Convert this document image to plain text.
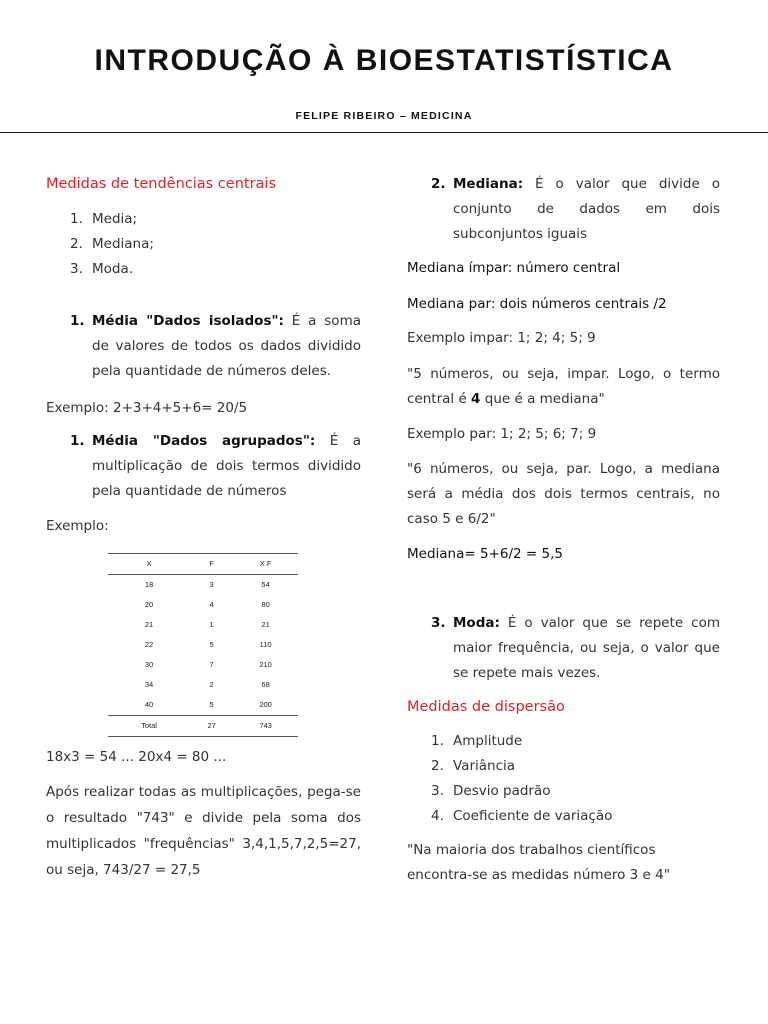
INTRODUÇÃO À BIOESTATISTÍSTICA
FELIPE RIBEIRO – MEDICINA

Medidas de tendências centrais

1. Media;
2. Mediana;
3. Moda.
1. Média "Dados isolados": É a soma de valores de todos os dados dividido pela quantidade de números deles.

Exemplo: 2+3+4+5+6= 20/5

1. Média "Dados agrupados": É a multiplicação de dois termos dividido pela quantidade de números

Exemplo:

X	F	X F
18	3	54
20	4	80
21	1	21
22	5	110
30	7	210
34	2	68
40	5	200
Total	27	743

18x3 = 54 ... 20x4 = 80 ...

Após realizar todas as multiplicações, pega-se o resultado "743" e divide pela soma dos multiplicados "frequências" 3,4,1,5,7,2,5=27, ou seja, 743/27 = 27,5

2. Mediana: É o valor que divide o conjunto de dados em dois subconjuntos iguais

Mediana ímpar: número central

Mediana par: dois números centrais /2

Exemplo impar: 1; 2; 4; 5; 9

"5 números, ou seja, impar. Logo, o termo central é 4 que é a mediana"

Exemplo par: 1; 2; 5; 6; 7; 9

"6 números, ou seja, par. Logo, a mediana será a média dos dois termos centrais, no caso 5 e 6/2"

Mediana= 5+6/2 = 5,5

3. Moda: É o valor que se repete com maior frequência, ou seja, o valor que se repete mais vezes.

Medidas de dispersão

1. Amplitude
2. Variância
3. Desvio padrão
4. Coeficiente de variação

"Na maioria dos trabalhos científicos encontra-se as medidas número 3 e 4"
